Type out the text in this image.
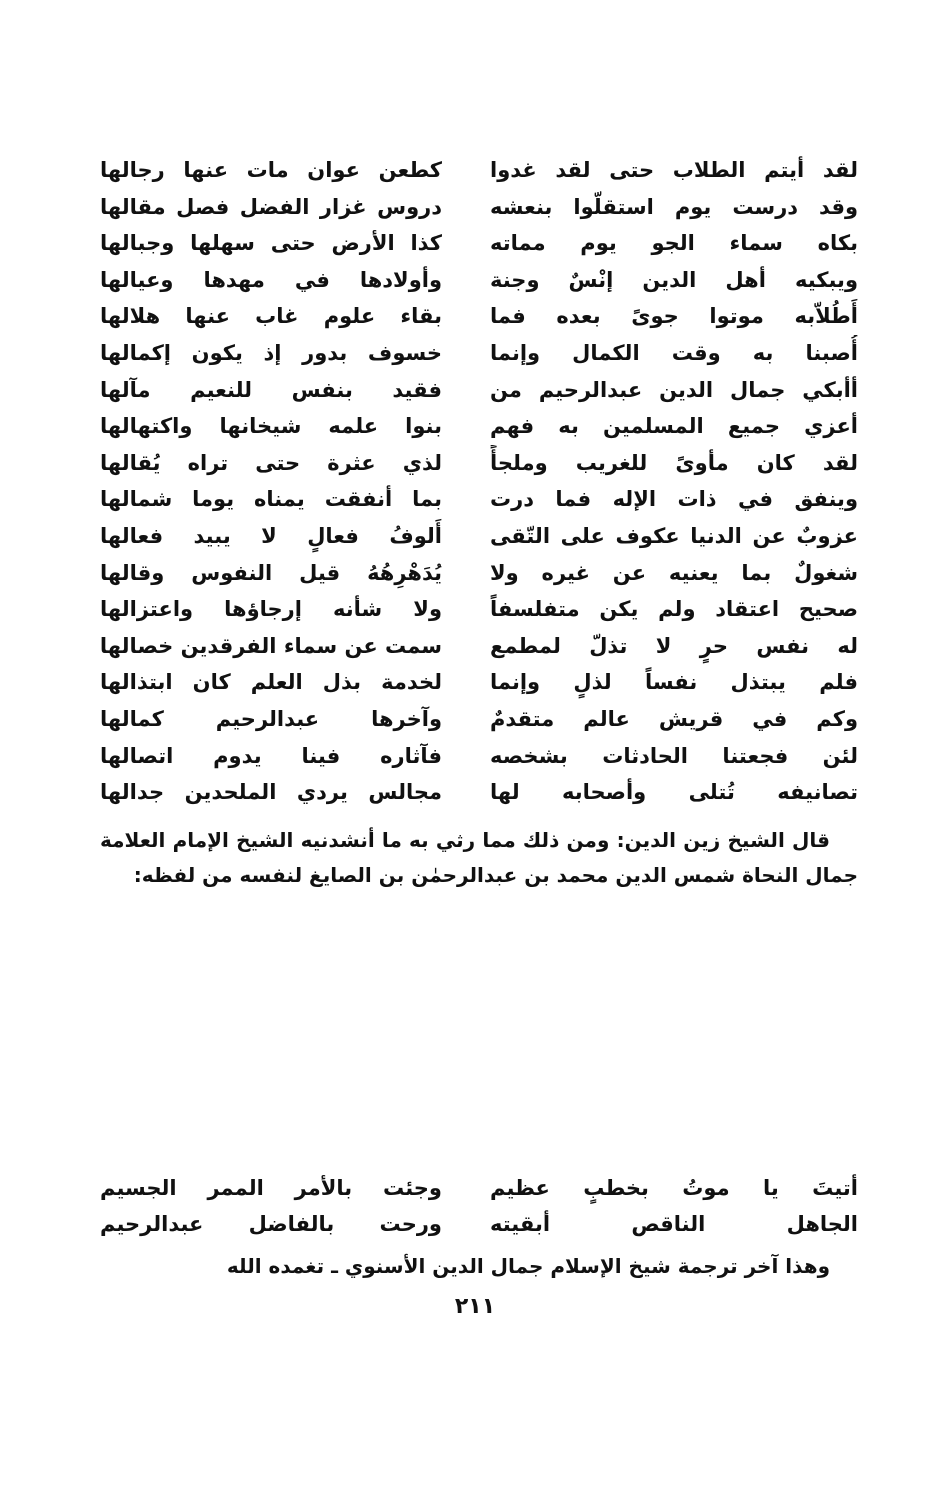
لقد أيتم الطلاب حتى لقد غدوا
كطعن عوان مات عنها رجالها
وقد درست يوم استقلّوا بنعشه
دروس غزار الفضل فصل مقالها
بكاه سماء الجو يوم مماته
كذا الأرض حتى سهلها وجبالها
ويبكيه أهل الدين إنْسٌ وجنة
وأولادها في مهدها وعيالها
أَطُلاّبه موتوا جوىً بعده فما
بقاء علوم غاب عنها هلالها
أُصبنا به وقت الكمال وإنما
خسوف بدور إذ يكون إكمالها
أأبكي جمال الدين عبدالرحيم من
فقيد بنفس للنعيم مآلها
أعزي جميع المسلمين به فهم
بنوا علمه شيخانها واكتهالها
لقد كان مأوىً للغريب وملجأً
لذي عثرة حتى تراه يُقالها
وينفق في ذات الإله فما درت
بما أنفقت يمناه يوما شمالها
عزوبٌ عن الدنيا عكوف على التّقى
أَلوفُ فعالٍ لا يبيد فعالها
شغولٌ بما يعنيه عن غيره ولا
يُدَهْرِهُهُ قيل النفوس وقالها
صحيح اعتقاد ولم يكن متفلسفاً
ولا شأنه إرجاؤها واعتزالها
له نفس حرٍ لا تذلّ لمطمع
سمت عن سماء الفرقدين خصالها
فلم يبتذل نفساً لذلٍ وإنما
لخدمة بذل العلم كان ابتذالها
وكم في قريش عالم متقدمٌ
وآخرها عبدالرحيم كمالها
لئن فجعتنا الحادثات بشخصه
فآثاره فينا يدوم اتصالها
تصانيفه تُتلى وأصحابه لها
مجالس يردي الملحدين جدالها
قال الشيخ زين الدين: ومن ذلك مما رثي به ما أنشدنيه الشيخ الإمام العلامة جمال النحاة شمس الدين محمد بن عبدالرحمٰن بن الصايغ لنفسه من لفظه:
أتيتَ يا موتُ بخطبٍ عظيم
وجئت بالأمر الممر الجسيم
الجاهل الناقص أبقيته
ورحت بالفاضل عبدالرحيم
وهذا آخر ترجمة شيخ الإسلام جمال الدين الأسنوي ـ تغمده الله
٢١١
